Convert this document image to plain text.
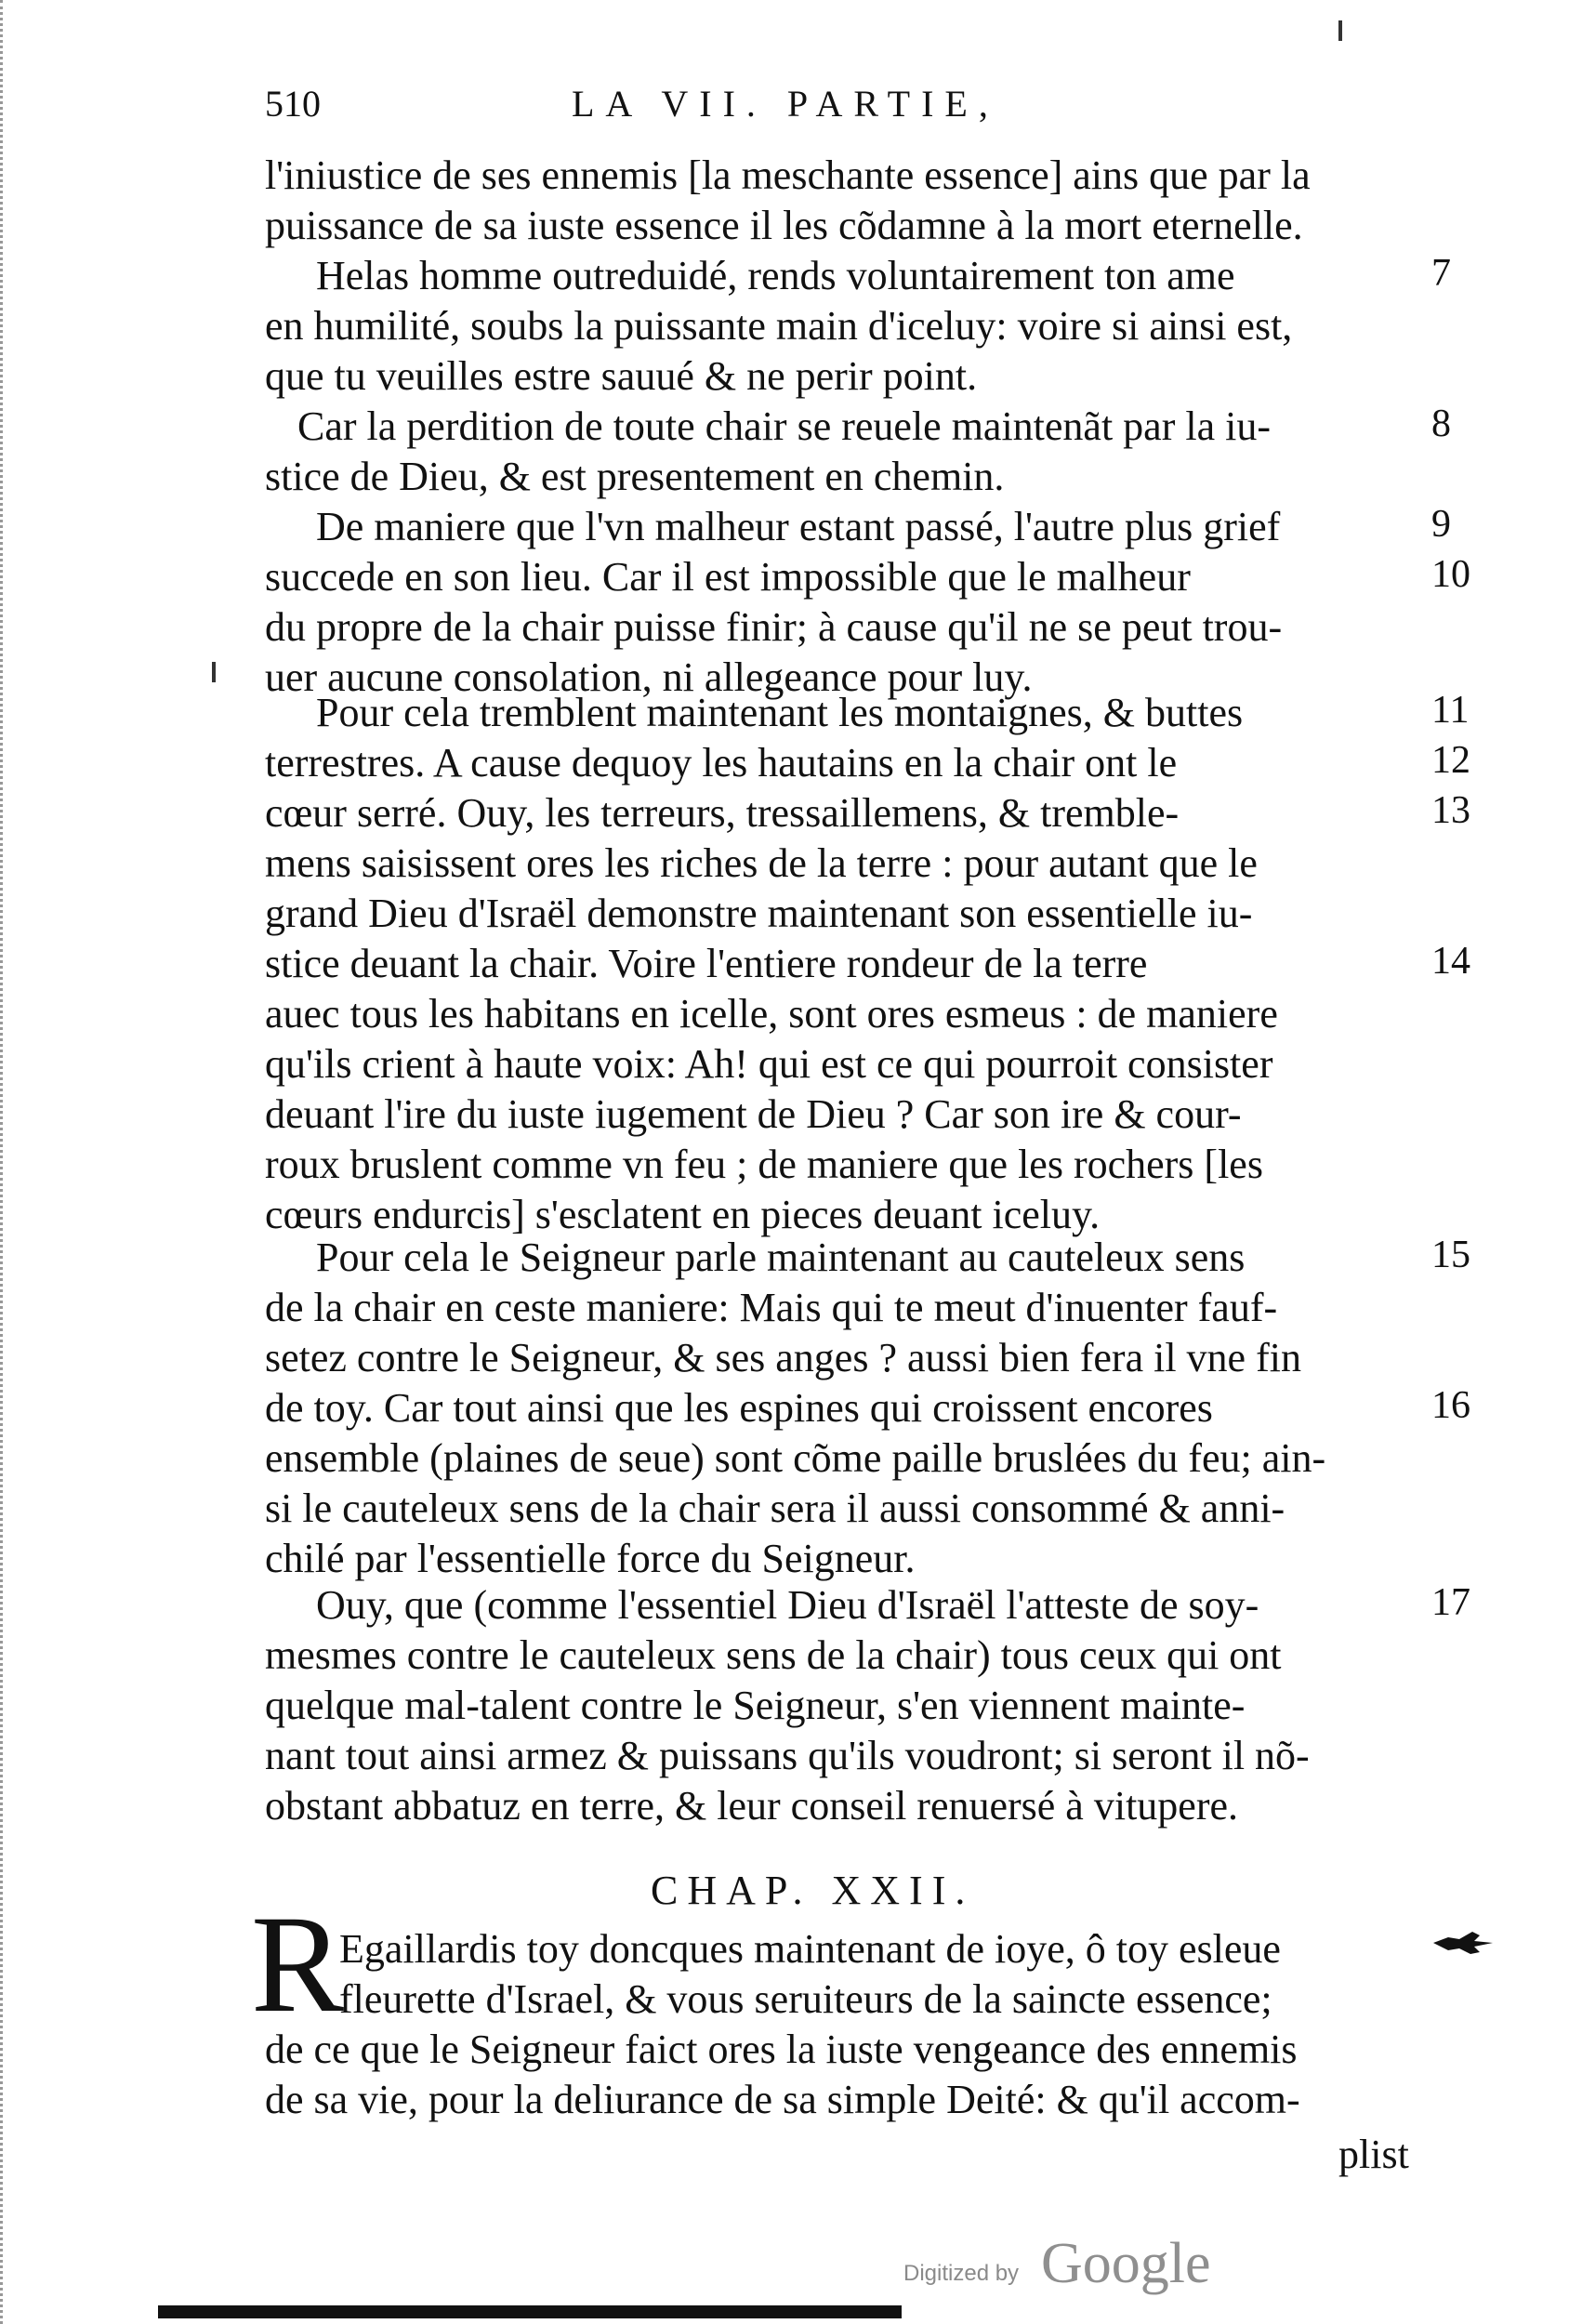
510	LA VII. PARTIE,
l'iniustice de ses ennemis [la meschante essence] ains que par la
puissance de sa iuste essence il les cõdamne à la mort eternelle.
Helas homme outreduidé, rends voluntairement ton ame
en humilité, soubs la puissante main d'iceluy: voire si ainsi est,
que tu veuilles estre sauué & ne perir point.
Car la perdition de toute chair se reuele maintenãt par la iu-
stice de Dieu, & est presentement en chemin.
De maniere que l'vn malheur estant passé, l'autre plus grief
succede en son lieu. Car il est impossible que le malheur
du propre de la chair puisse finir; à cause qu'il ne se peut trou-
uer aucune consolation, ni allegeance pour luy.
Pour cela tremblent maintenant les montaignes, & buttes
terrestres. A cause dequoy les hautains en la chair ont le
cœur serré. Ouy, les terreurs, tressaillemens, & tremble-
mens saisissent ores les riches de la terre : pour autant que le
grand Dieu d'Israël demonstre maintenant son essentielle iu-
stice deuant la chair. Voire l'entiere rondeur de la terre
auec tous les habitans en icelle, sont ores esmeus : de maniere
qu'ils crient à haute voix: Ah! qui est ce qui pourroit consister
deuant l'ire du iuste iugement de Dieu ? Car son ire & cour-
roux bruslent comme vn feu ; de maniere que les rochers [les
cœurs endurcis] s'esclatent en pieces deuant iceluy.
Pour cela le Seigneur parle maintenant au cauteleux sens
de la chair en ceste maniere: Mais qui te meut d'inuenter fauf-
setez contre le Seigneur, & ses anges ? aussi bien fera il vne fin
de toy. Car tout ainsi que les espines qui croissent encores
ensemble (plaines de seue) sont cõme paille bruslées du feu; ain-
si le cauteleux sens de la chair sera il aussi consommé & anni-
chilé par l'essentielle force du Seigneur.
Ouy, que (comme l'essentiel Dieu d'Israël l'atteste de soy-
mesmes contre le cauteleux sens de la chair) tous ceux qui ont
quelque mal-talent contre le Seigneur, s'en viennent mainte-
nant tout ainsi armez & puissans qu'ils voudront; si seront il nõ-
obstant abbatuz en terre, & leur conseil renuersé à vitupere.
7
8
9
10
11
12
13
14
15
16
17
CHAP. XXII.
R
Egaillardis toy doncques maintenant de ioye, ô toy esleue
fleurette d'Israel, & vous seruiteurs de la saincte essence;
de ce que le Seigneur faict ores la iuste vengeance des ennemis
de sa vie, pour la deliurance de sa simple Deité: & qu'il accom-
plist
Digitized by Google
